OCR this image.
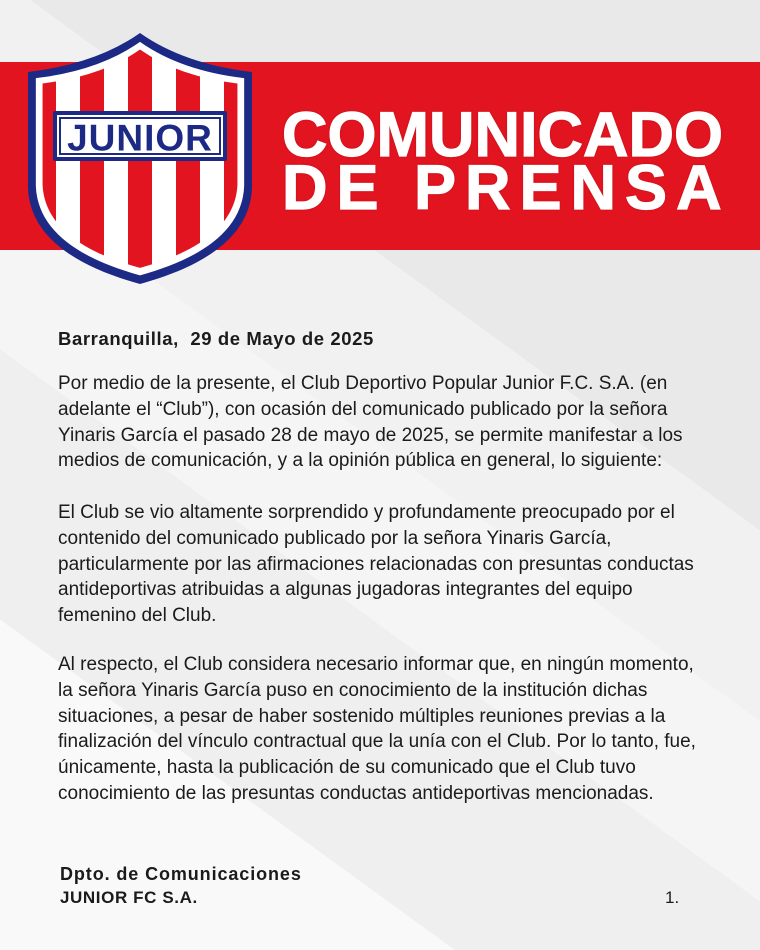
JUNIOR COMUNICADO
DE PRENSA
Barranquilla,  29 de Mayo de 2025
Por medio de la presente, el Club Deportivo Popular Junior F.C. S.A. (en
adelante el “Club”), con ocasión del comunicado publicado por la señora
Yinaris García el pasado 28 de mayo de 2025, se permite manifestar a los
medios de comunicación, y a la opinión pública en general, lo siguiente:
El Club se vio altamente sorprendido y profundamente preocupado por el
contenido del comunicado publicado por la señora Yinaris García,
particularmente por las afirmaciones relacionadas con presuntas conductas
antideportivas atribuidas a algunas jugadoras integrantes del equipo
femenino del Club.
Al respecto, el Club considera necesario informar que, en ningún momento,
la señora Yinaris García puso en conocimiento de la institución dichas
situaciones, a pesar de haber sostenido múltiples reuniones previas a la
finalización del vínculo contractual que la unía con el Club. Por lo tanto, fue,
únicamente, hasta la publicación de su comunicado que el Club tuvo
conocimiento de las presuntas conductas antideportivas mencionadas.
Dpto. de Comunicaciones
JUNIOR FC S.A.	1.
